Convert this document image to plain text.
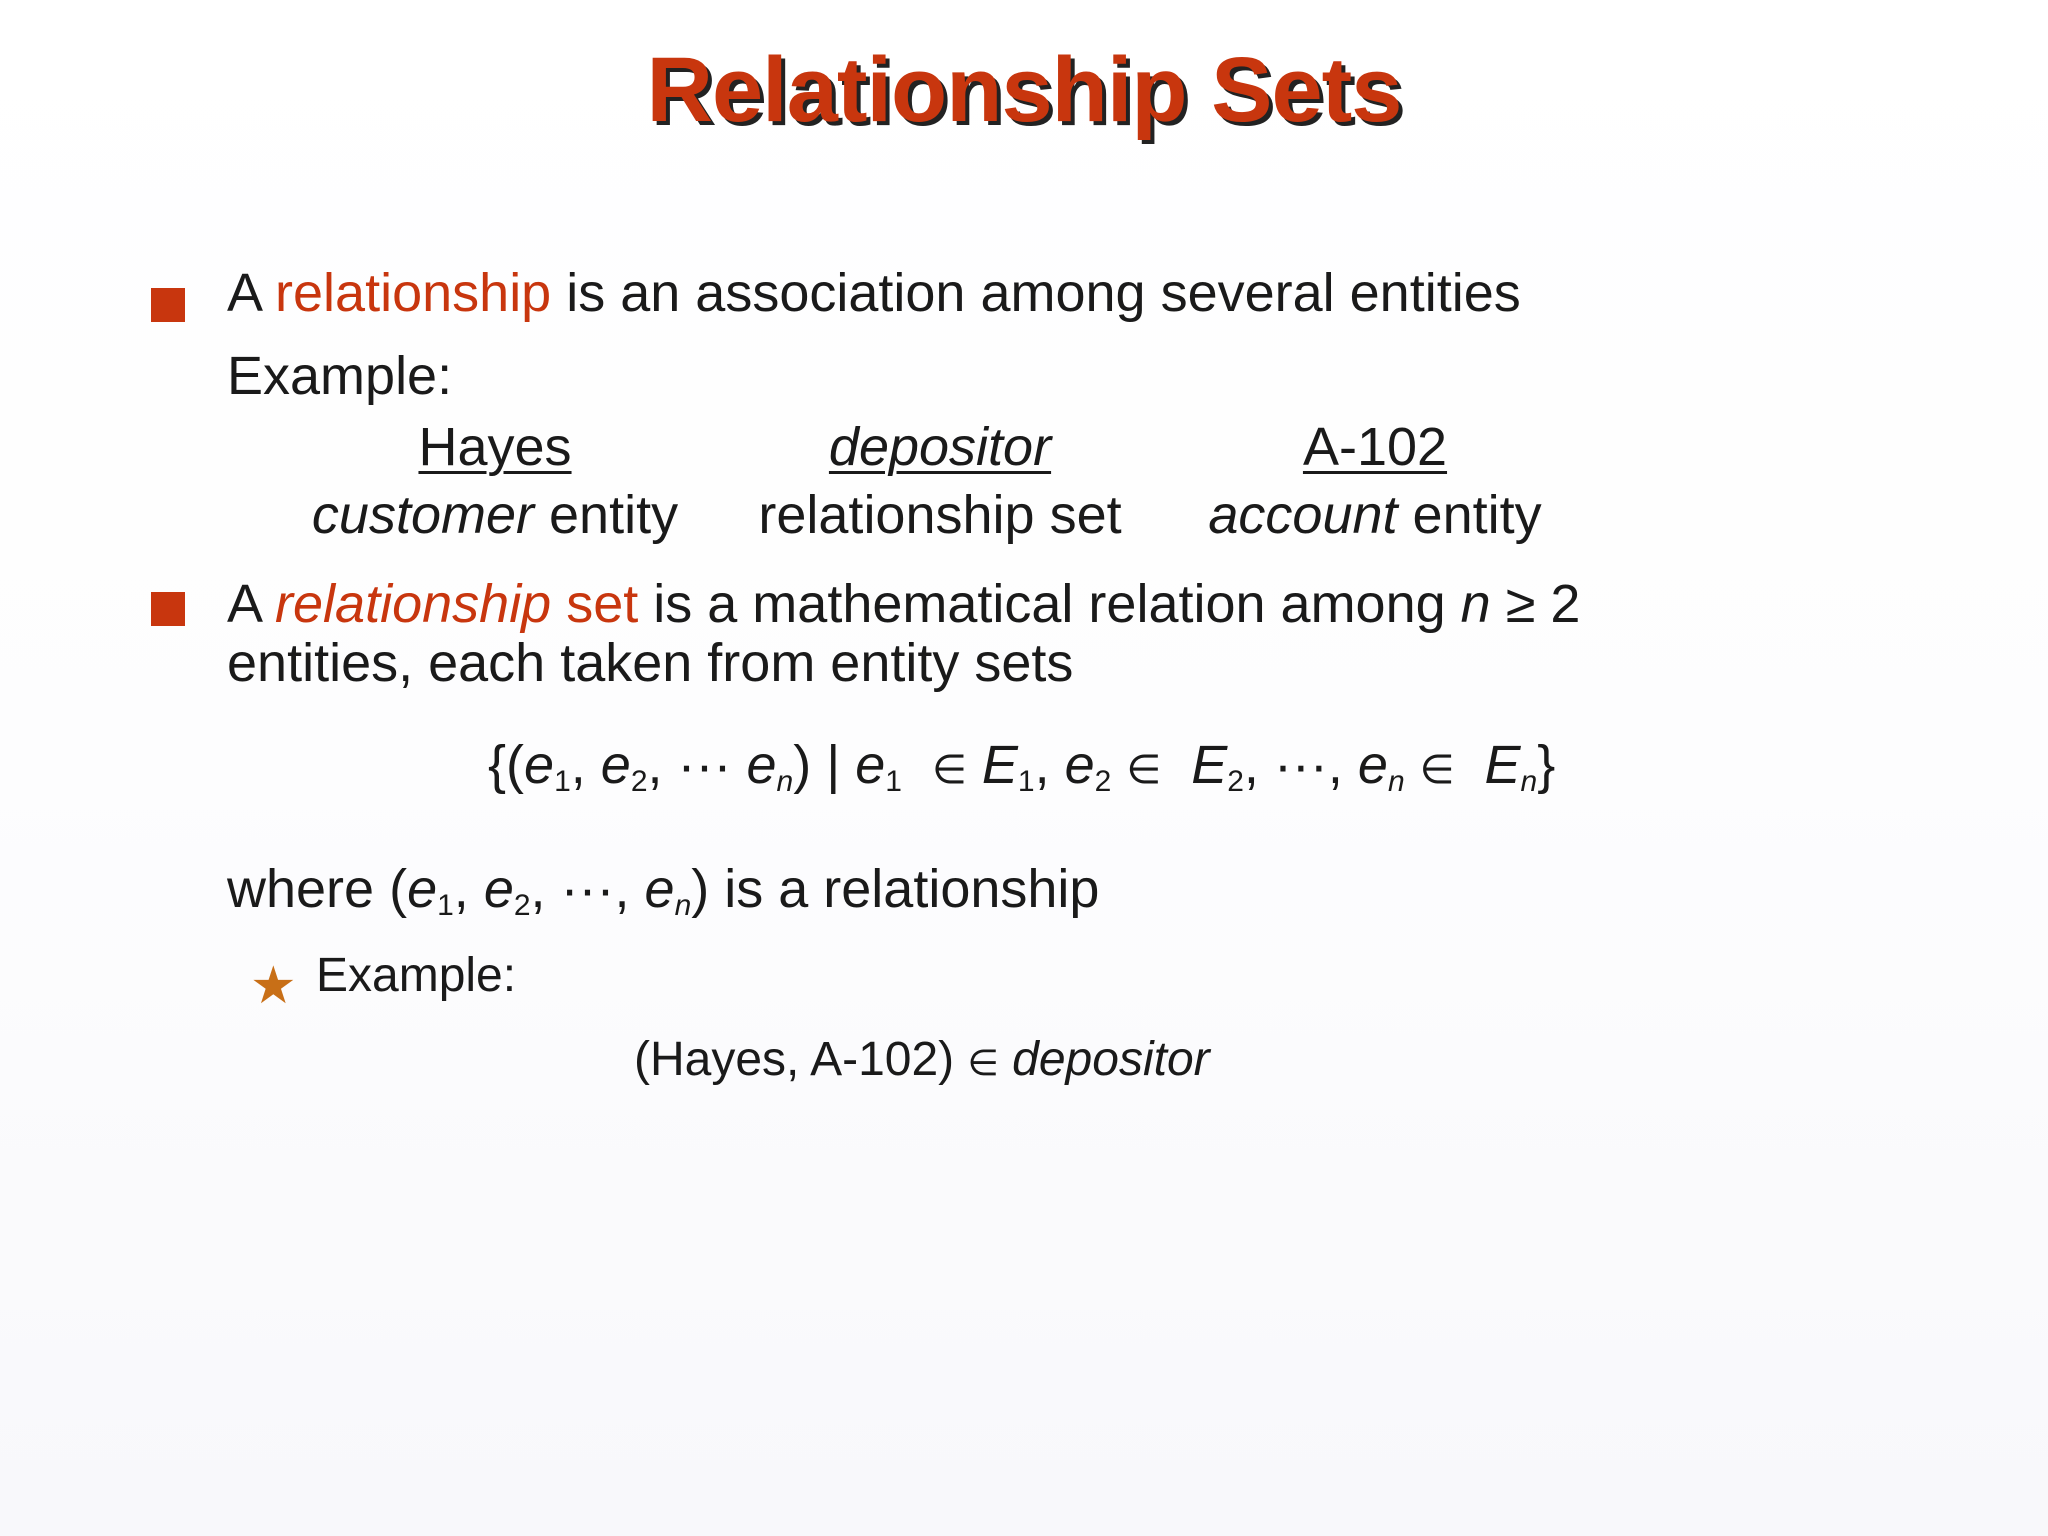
Relationship Sets
A relationship is an association among several entities
Example:
Hayes
customer entity
depositor
relationship set
A-102
account entity
A relationship set is a mathematical relation among n ≥ 2
entities, each taken from entity sets
{($e_1$, $e_2$, ··· $e_n$) | $e_1$ ∈ $E_1$, $e_2$ ∈ $E_2$, ···, $e_n$ ∈ $E_n$}
where ($e_1$, $e_2$, ···, $e_n$) is a relationship
★ Example:
(Hayes, A-102) ∈ depositor
